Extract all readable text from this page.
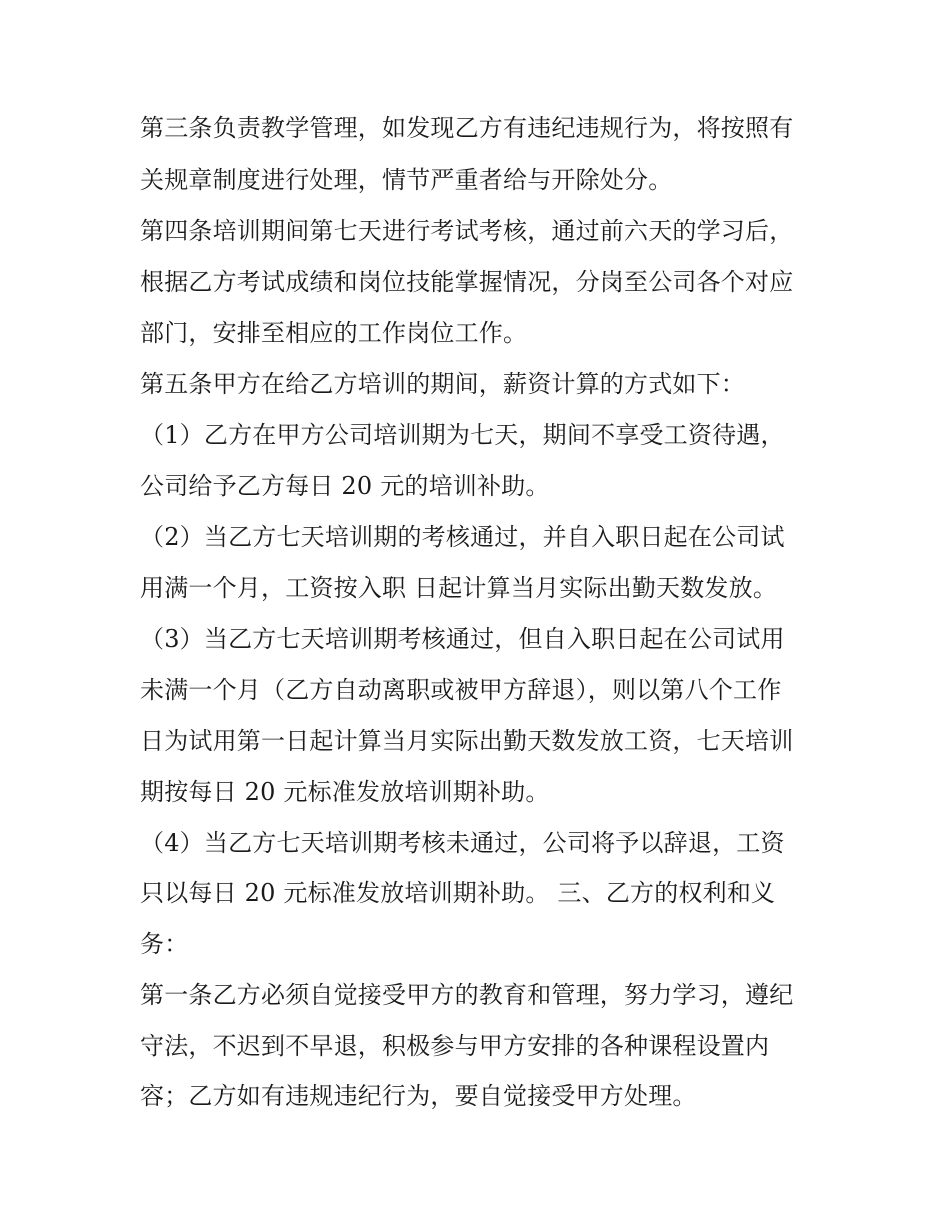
第三条负责教学管理，如发现乙方有违纪违规行为，将按照有
关规章制度进行处理，情节严重者给与开除处分。
第四条培训期间第七天进行考试考核，通过前六天的学习后，
根据乙方考试成绩和岗位技能掌握情况，分岗至公司各个对应
部门，安排至相应的工作岗位工作。
第五条甲方在给乙方培训的期间，薪资计算的方式如下：
（1）乙方在甲方公司培训期为七天，期间不享受工资待遇，
公司给予乙方每日 20 元的培训补助。
（2）当乙方七天培训期的考核通过，并自入职日起在公司试
用满一个月，工资按入职 日起计算当月实际出勤天数发放。
（3）当乙方七天培训期考核通过，但自入职日起在公司试用
未满一个月（乙方自动离职或被甲方辞退），则以第八个工作
日为试用第一日起计算当月实际出勤天数发放工资，七天培训
期按每日 20 元标准发放培训期补助。
（4）当乙方七天培训期考核未通过，公司将予以辞退，工资
只以每日 20 元标准发放培训期补助。 三、乙方的权利和义
务：
第一条乙方必须自觉接受甲方的教育和管理，努力学习，遵纪
守法，不迟到不早退，积极参与甲方安排的各种课程设置内
容；乙方如有违规违纪行为，要自觉接受甲方处理。
